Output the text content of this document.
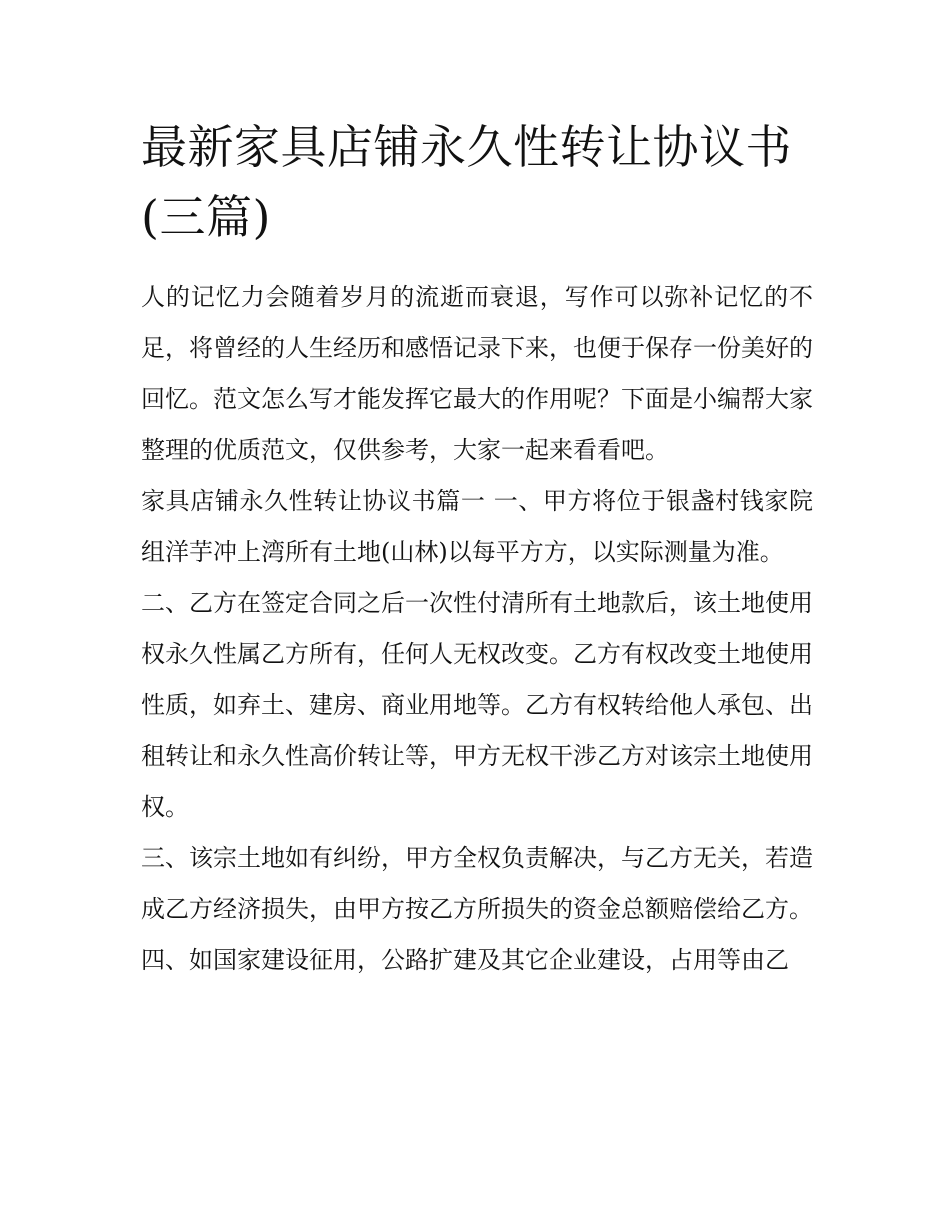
最新家具店铺永久性转让协议书(三篇)

人的记忆力会随着岁月的流逝而衰退，写作可以弥补记忆的不足，将曾经的人生经历和感悟记录下来，也便于保存一份美好的回忆。范文怎么写才能发挥它最大的作用呢？下面是小编帮大家整理的优质范文，仅供参考，大家一起来看看吧。

家具店铺永久性转让协议书篇一 一、甲方将位于银盏村钱家院组洋芋冲上湾所有土地(山林)以每平方方，以实际测量为准。

二、乙方在签定合同之后一次性付清所有土地款后，该土地使用权永久性属乙方所有，任何人无权改变。乙方有权改变土地使用性质，如弃土、建房、商业用地等。乙方有权转给他人承包、出租转让和永久性高价转让等，甲方无权干涉乙方对该宗土地使用权。

三、该宗土地如有纠纷，甲方全权负责解决，与乙方无关，若造成乙方经济损失，由甲方按乙方所损失的资金总额赔偿给乙方。

四、如国家建设征用，公路扩建及其它企业建设，占用等由乙
